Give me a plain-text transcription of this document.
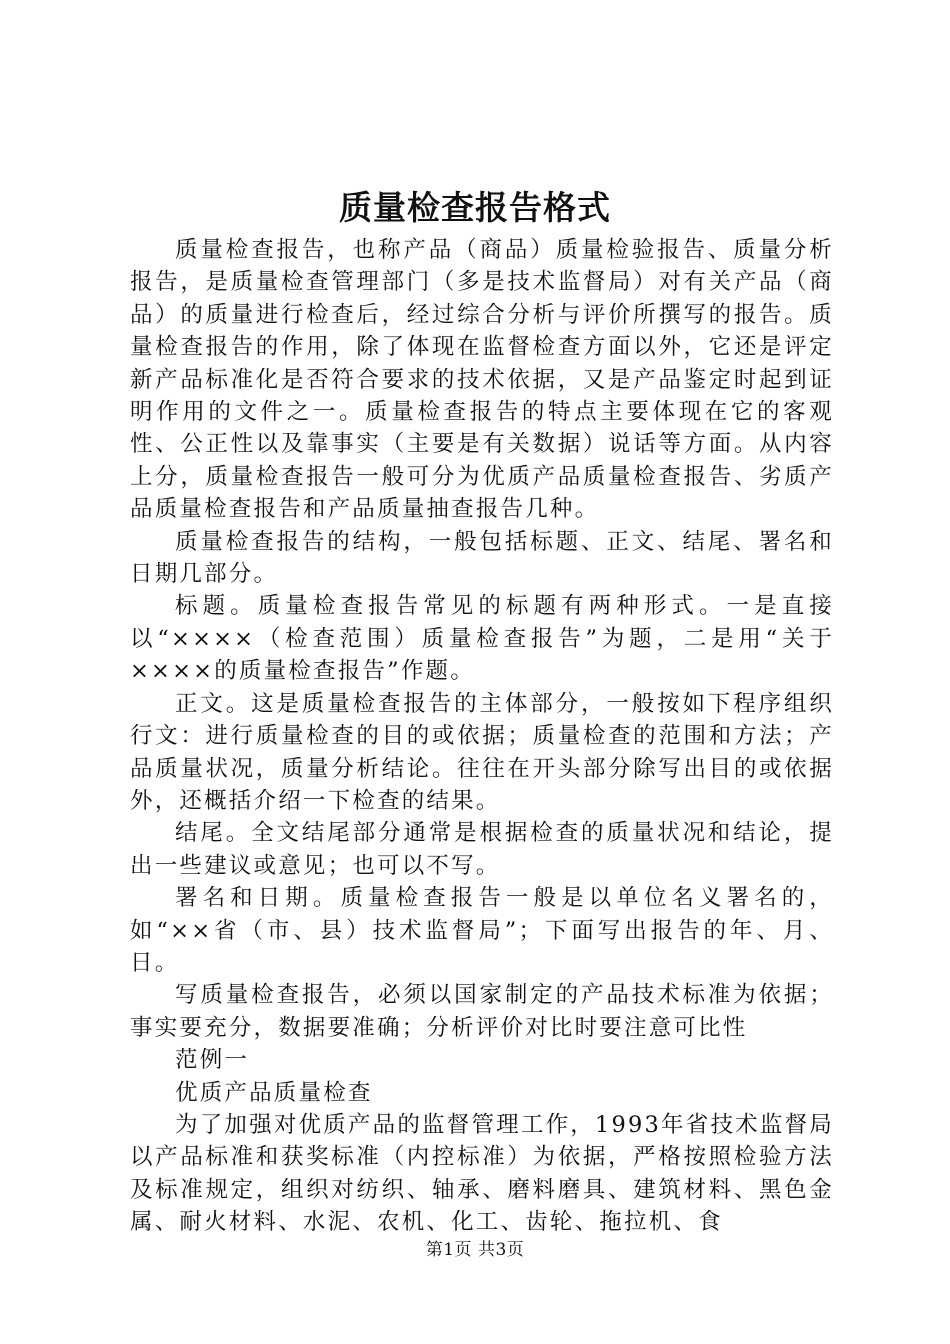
质量检查报告格式

质量检查报告，也称产品（商品）质量检验报告、质量分析报告，是质量检查管理部门（多是技术监督局）对有关产品（商品）的质量进行检查后，经过综合分析与评价所撰写的报告。质量检查报告的作用，除了体现在监督检查方面以外，它还是评定新产品标准化是否符合要求的技术依据，又是产品鉴定时起到证明作用的文件之一。质量检查报告的特点主要体现在它的客观性、公正性以及靠事实（主要是有关数据）说话等方面。从内容上分，质量检查报告一般可分为优质产品质量检查报告、劣质产品质量检查报告和产品质量抽查报告几种。

质量检查报告的结构，一般包括标题、正文、结尾、署名和日期几部分。

标题。质量检查报告常见的标题有两种形式。一是直接以“××××（检查范围）质量检查报告”为题，二是用“关于××××的质量检查报告”作题。

正文。这是质量检查报告的主体部分，一般按如下程序组织行文：进行质量检查的目的或依据；质量检查的范围和方法；产品质量状况，质量分析结论。往往在开头部分除写出目的或依据外，还概括介绍一下检查的结果。

结尾。全文结尾部分通常是根据检查的质量状况和结论，提出一些建议或意见；也可以不写。

署名和日期。质量检查报告一般是以单位名义署名的，如“××省（市、县）技术监督局”；下面写出报告的年、月、日。

写质量检查报告，必须以国家制定的产品技术标准为依据；事实要充分，数据要准确；分析评价对比时要注意可比性

范例一

优质产品质量检查

为了加强对优质产品的监督管理工作，1993年省技术监督局以产品标准和获奖标准（内控标准）为依据，严格按照检验方法及标准规定，组织对纺织、轴承、磨料磨具、建筑材料、黑色金属、耐火材料、水泥、农机、化工、齿轮、拖拉机、食

第1页 共3页
